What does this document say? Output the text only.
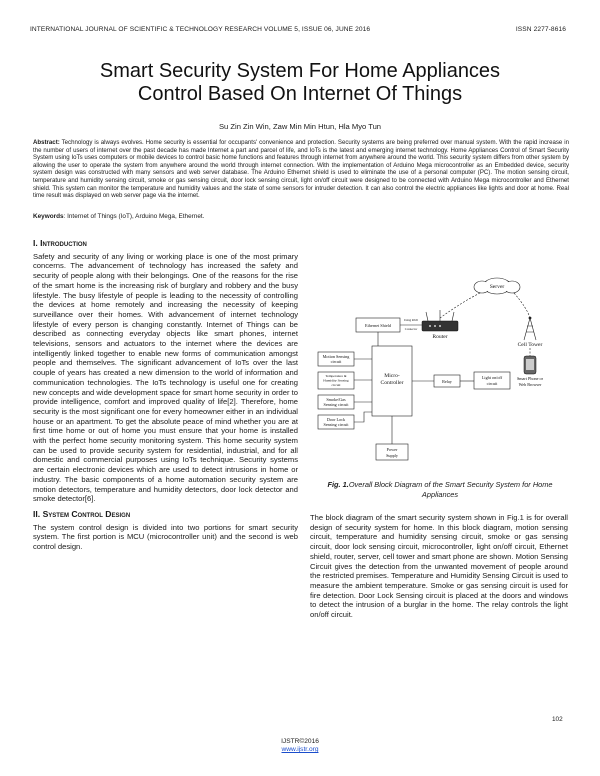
INTERNATIONAL JOURNAL OF SCIENTIFIC & TECHNOLOGY RESEARCH VOLUME 5, ISSUE 06, JUNE 2016	ISSN 2277-8616
Smart Security System For Home Appliances
Control Based On Internet Of Things
Su Zin Zin Win, Zaw Min Min Htun, Hla Myo Tun
Abstract: Technology is always evolves. Home security is essential for occupants' convenience and protection. Security systems are being preferred over manual system. With the rapid increase in the number of users of internet over the past decade has made Internet a part and parcel of life, and IoTs is the latest and emerging internet technology. Home Appliances Control of Smart Security System using IoTs uses computers or mobile devices to control basic home functions and features through internet from anywhere around the world. This security system differs from other system by allowing the user to operate the system from anywhere around the world through internet connection. With the implementation of Arduino Mega microcontroller as an Embedded device, security system design was constructed with many sensors and web server database. The Arduino Ethernet shield is used to eliminate the use of a personal computer (PC). The motion sensing circuit, temperature and humidity sensing circuit, smoke or gas sensing circuit, door lock sensing circuit, light on/off circuit were designed to be connected with Arduino Mega microcontroller and Ethernet shield. This system can monitor the temperature and humidity values and the state of some sensors for intruder detection. It can also control the electric appliances like lights and door at home. Real time result was displayed on web server page via the internet.
Keywords: Internet of Things (IoT), Arduino Mega, Ethernet.
I. Introduction

Safety and security of any living or working place is one of the most primary concerns. The advancement of technology has increased the safety and security of people along with their belongings. One of the reasons for the rise of the smart home is the increasing risk of burglary and robbery and the busy lifestyle. The busy lifestyle of people is leading to the necessity of controlling the devices at home remotely and increasing the necessity of keeping surveillance over their homes. With advancement of internet technology lifestyle of every person is changing constantly. Internet of Things can be described as connecting everyday objects like smart phones, internet televisions, sensors and actuators to the internet where the devices are intelligently linked together to enable new forms of communication amongst people and themselves. The significant advancement of IoTs over the last couple of years has created a new dimension to the world of information and communication technologies. The IoTs technology is useful one for creating new concepts and wide development space for smart home security in order to provide intelligence, comfort and improved quality of life[2]. Therefore, home security is the most significant one for every homeowner either in an individual house or an apartment. To get the absolute peace of mind whether you are at first time home or out of home you must ensure that your home is installed with the perfect home security monitoring system. This home security system can be used to provide security system for residential, industrial, and for all domestic and commercial purposes using IoTs technique. Security systems are certain electronic devices which are used to detect intrusions in home or industry. The basic components of a home automation security system are motion detectors, temperature and humidity detectors, door lock detector and smoke detector[6].

II. System Control Design

The system control design is divided into two portions for smart security system. The first portion is MCU (microcontroller unit) and the second is web control design.

Server
Ethernet Shield
Using RJ45
Connector
Router
Cell Tower
Smart Phone or
Web Browser
Micro-
Controller
Motion Sensing
circuit
Temperature &
Humidity Sensing
circuit
Smoke/Gas
Sensing circuit
Door Lock
Sensing circuit
Relay
Light on/off
circuit
Power
Supply
Fig. 1.Overall Block Diagram of the Smart Security System for Home Appliances

The block diagram of the smart security system shown in Fig.1 is for overall design of security system for home. In this block diagram, motion sensing circuit, temperature and humidity sensing circuit, smoke or gas sensing circuit, door lock sensing circuit, microcontroller, light on/off circuit, Ethernet shield, router, server, cell tower and smart phone are shown. Motion Sensing Circuit gives the detection from the unwanted movement of people around the restricted premises. Temperature and Humidity Sensing Circuit is used to measure the ambient temperature. Smoke or gas sensing circuit is used for fire detection. Door Lock Sensing circuit is placed at the doors and windows to detect the intrusion of a burglar in the home. The relay controls the light on/off circuit.

102
IJSTR©2016
www.ijstr.org
